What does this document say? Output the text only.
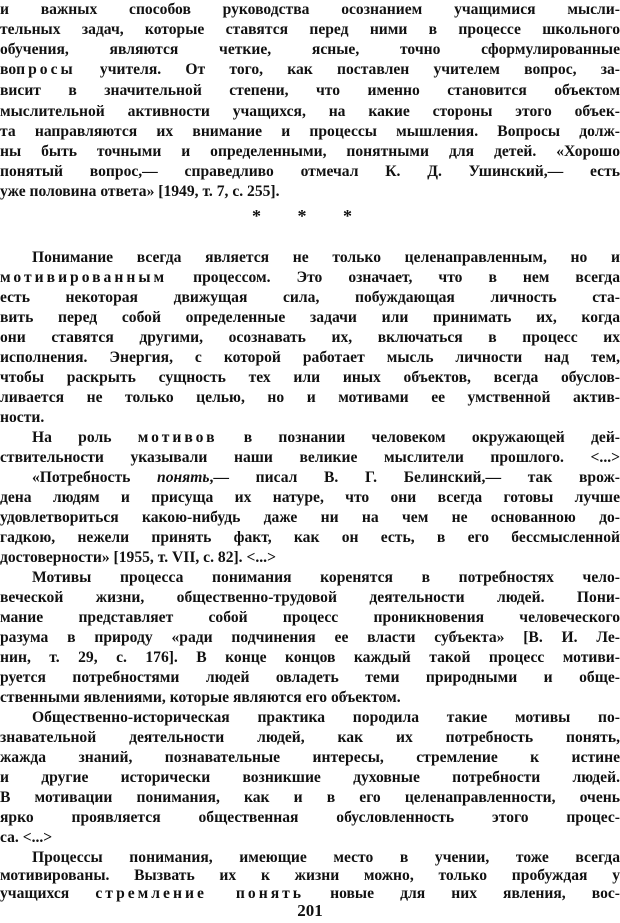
и важных способов руководства осознанием учащимися мысли-
тельных задач, которые ставятся перед ними в процессе школьного
обучения, являются четкие, ясные, точно сформулированные
вопросы учителя. От того, как поставлен учителем вопрос, за-
висит в значительной степени, что именно становится объектом
мыслительной активности учащихся, на какие стороны этого объек-
та направляются их внимание и процессы мышления. Вопросы долж-
ны быть точными и определенными, понятными для детей. «Хорошо
понятый вопрос,— справедливо отмечал К. Д. Ушинский,— есть
уже половина ответа» [1949, т. 7, с. 255].
* * *
Понимание всегда является не только целенаправленным, но и
мотивированным процессом. Это означает, что в нем всегда
есть некоторая движущая сила, побуждающая личность ста-
вить перед собой определенные задачи или принимать их, когда
они ставятся другими, осознавать их, включаться в процесс их
исполнения. Энергия, с которой работает мысль личности над тем,
чтобы раскрыть сущность тех или иных объектов, всегда обуслов-
ливается не только целью, но и мотивами ее умственной актив-
ности.
На роль мотивов в познании человеком окружающей дей-
ствительности указывали наши великие мыслители прошлого. <...>
«Потребность понять,— писал В. Г. Белинский,— так врож-
дена людям и присуща их натуре, что они всегда готовы лучше
удовлетвориться какою-нибудь даже ни на чем не основанною до-
гадкою, нежели принять факт, как он есть, в его бессмысленной
достоверности» [1955, т. VII, с. 82]. <...>
Мотивы процесса понимания коренятся в потребностях чело-
веческой жизни, общественно-трудовой деятельности людей. Пони-
мание представляет собой процесс проникновения человеческого
разума в природу «ради подчинения ее власти субъекта» [В. И. Ле-
нин, т. 29, с. 176]. В конце концов каждый такой процесс мотиви-
руется потребностями людей овладеть теми природными и обще-
ственными явлениями, которые являются его объектом.
Общественно-историческая практика породила такие мотивы по-
знавательной деятельности людей, как их потребность понять,
жажда знаний, познавательные интересы, стремление к истине
и другие исторически возникшие духовные потребности людей.
В мотивации понимания, как и в его целенаправленности, очень
ярко проявляется общественная обусловленность этого процес-
са. <...>
Процессы понимания, имеющие место в учении, тоже всегда
мотивированы. Вызвать их к жизни можно, только пробуждая у
учащихся стремление понять новые для них явления, вос-
201
